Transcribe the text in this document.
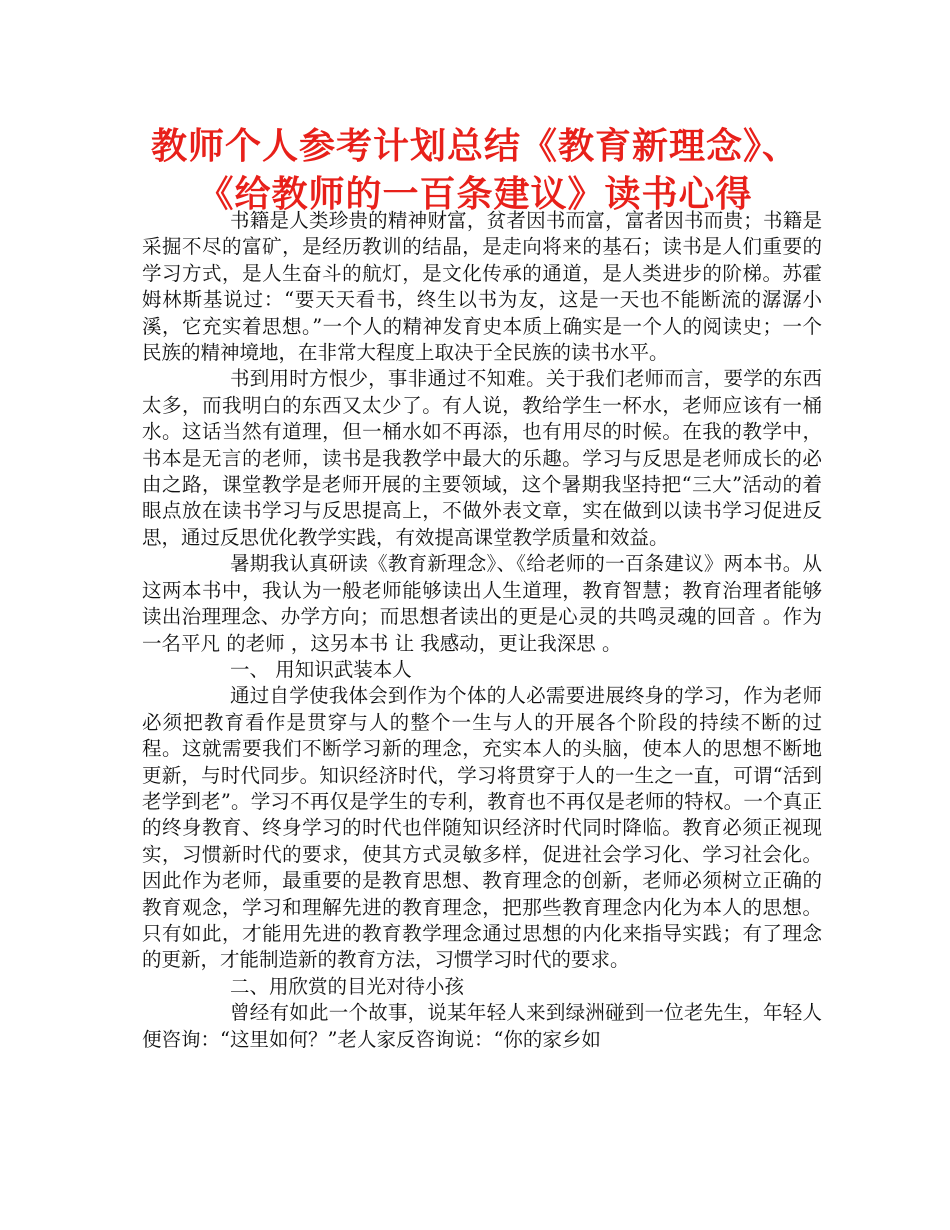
教师个人参考计划总结《教育新理念》、
《给教师的一百条建议》读书心得

书籍是人类珍贵的精神财富，贫者因书而富，富者因书而贵；书籍是采掘不尽的富矿，是经历教训的结晶，是走向将来的基石；读书是人们重要的学习方式，是人生奋斗的航灯，是文化传承的通道，是人类进步的阶梯。苏霍姆林斯基说过：“要天天看书，终生以书为友，这是一天也不能断流的潺潺小溪，它充实着思想。”一个人的精神发育史本质上确实是一个人的阅读史；一个民族的精神境地，在非常大程度上取决于全民族的读书水平。

书到用时方恨少，事非通过不知难。关于我们老师而言，要学的东西太多，而我明白的东西又太少了。有人说，教给学生一杯水，老师应该有一桶水。这话当然有道理，但一桶水如不再添，也有用尽的时候。在我的教学中，书本是无言的老师，读书是我教学中最大的乐趣。学习与反思是老师成长的必由之路，课堂教学是老师开展的主要领域，这个暑期我坚持把“三大”活动的着眼点放在读书学习与反思提高上，不做外表文章，实在做到以读书学习促进反思，通过反思优化教学实践，有效提高课堂教学质量和效益。

暑期我认真研读《教育新理念》、《给老师的一百条建议》两本书。从这两本书中，我认为一般老师能够读出人生道理，教育智慧；教育治理者能够读出治理理念、办学方向；而思想者读出的更是心灵的共鸣灵魂的回音 。作为一名平凡 的老师 ，这另本书 让 我感动，更让我深思 。

一、 用知识武装本人

通过自学使我体会到作为个体的人必需要进展终身的学习，作为老师必须把教育看作是贯穿与人的整个一生与人的开展各个阶段的持续不断的过程。这就需要我们不断学习新的理念，充实本人的头脑，使本人的思想不断地更新，与时代同步。知识经济时代，学习将贯穿于人的一生之一直，可谓“活到老学到老”。学习不再仅是学生的专利，教育也不再仅是老师的特权。一个真正的终身教育、终身学习的时代也伴随知识经济时代同时降临。教育必须正视现实，习惯新时代的要求，使其方式灵敏多样，促进社会学习化、学习社会化。因此作为老师，最重要的是教育思想、教育理念的创新，老师必须树立正确的教育观念，学习和理解先进的教育理念，把那些教育理念内化为本人的思想。只有如此，才能用先进的教育教学理念通过思想的内化来指导实践；有了理念的更新，才能制造新的教育方法，习惯学习时代的要求。

二、用欣赏的目光对待小孩

曾经有如此一个故事，说某年轻人来到绿洲碰到一位老先生，年轻人便咨询：“这里如何？”老人家反咨询说：“你的家乡如
